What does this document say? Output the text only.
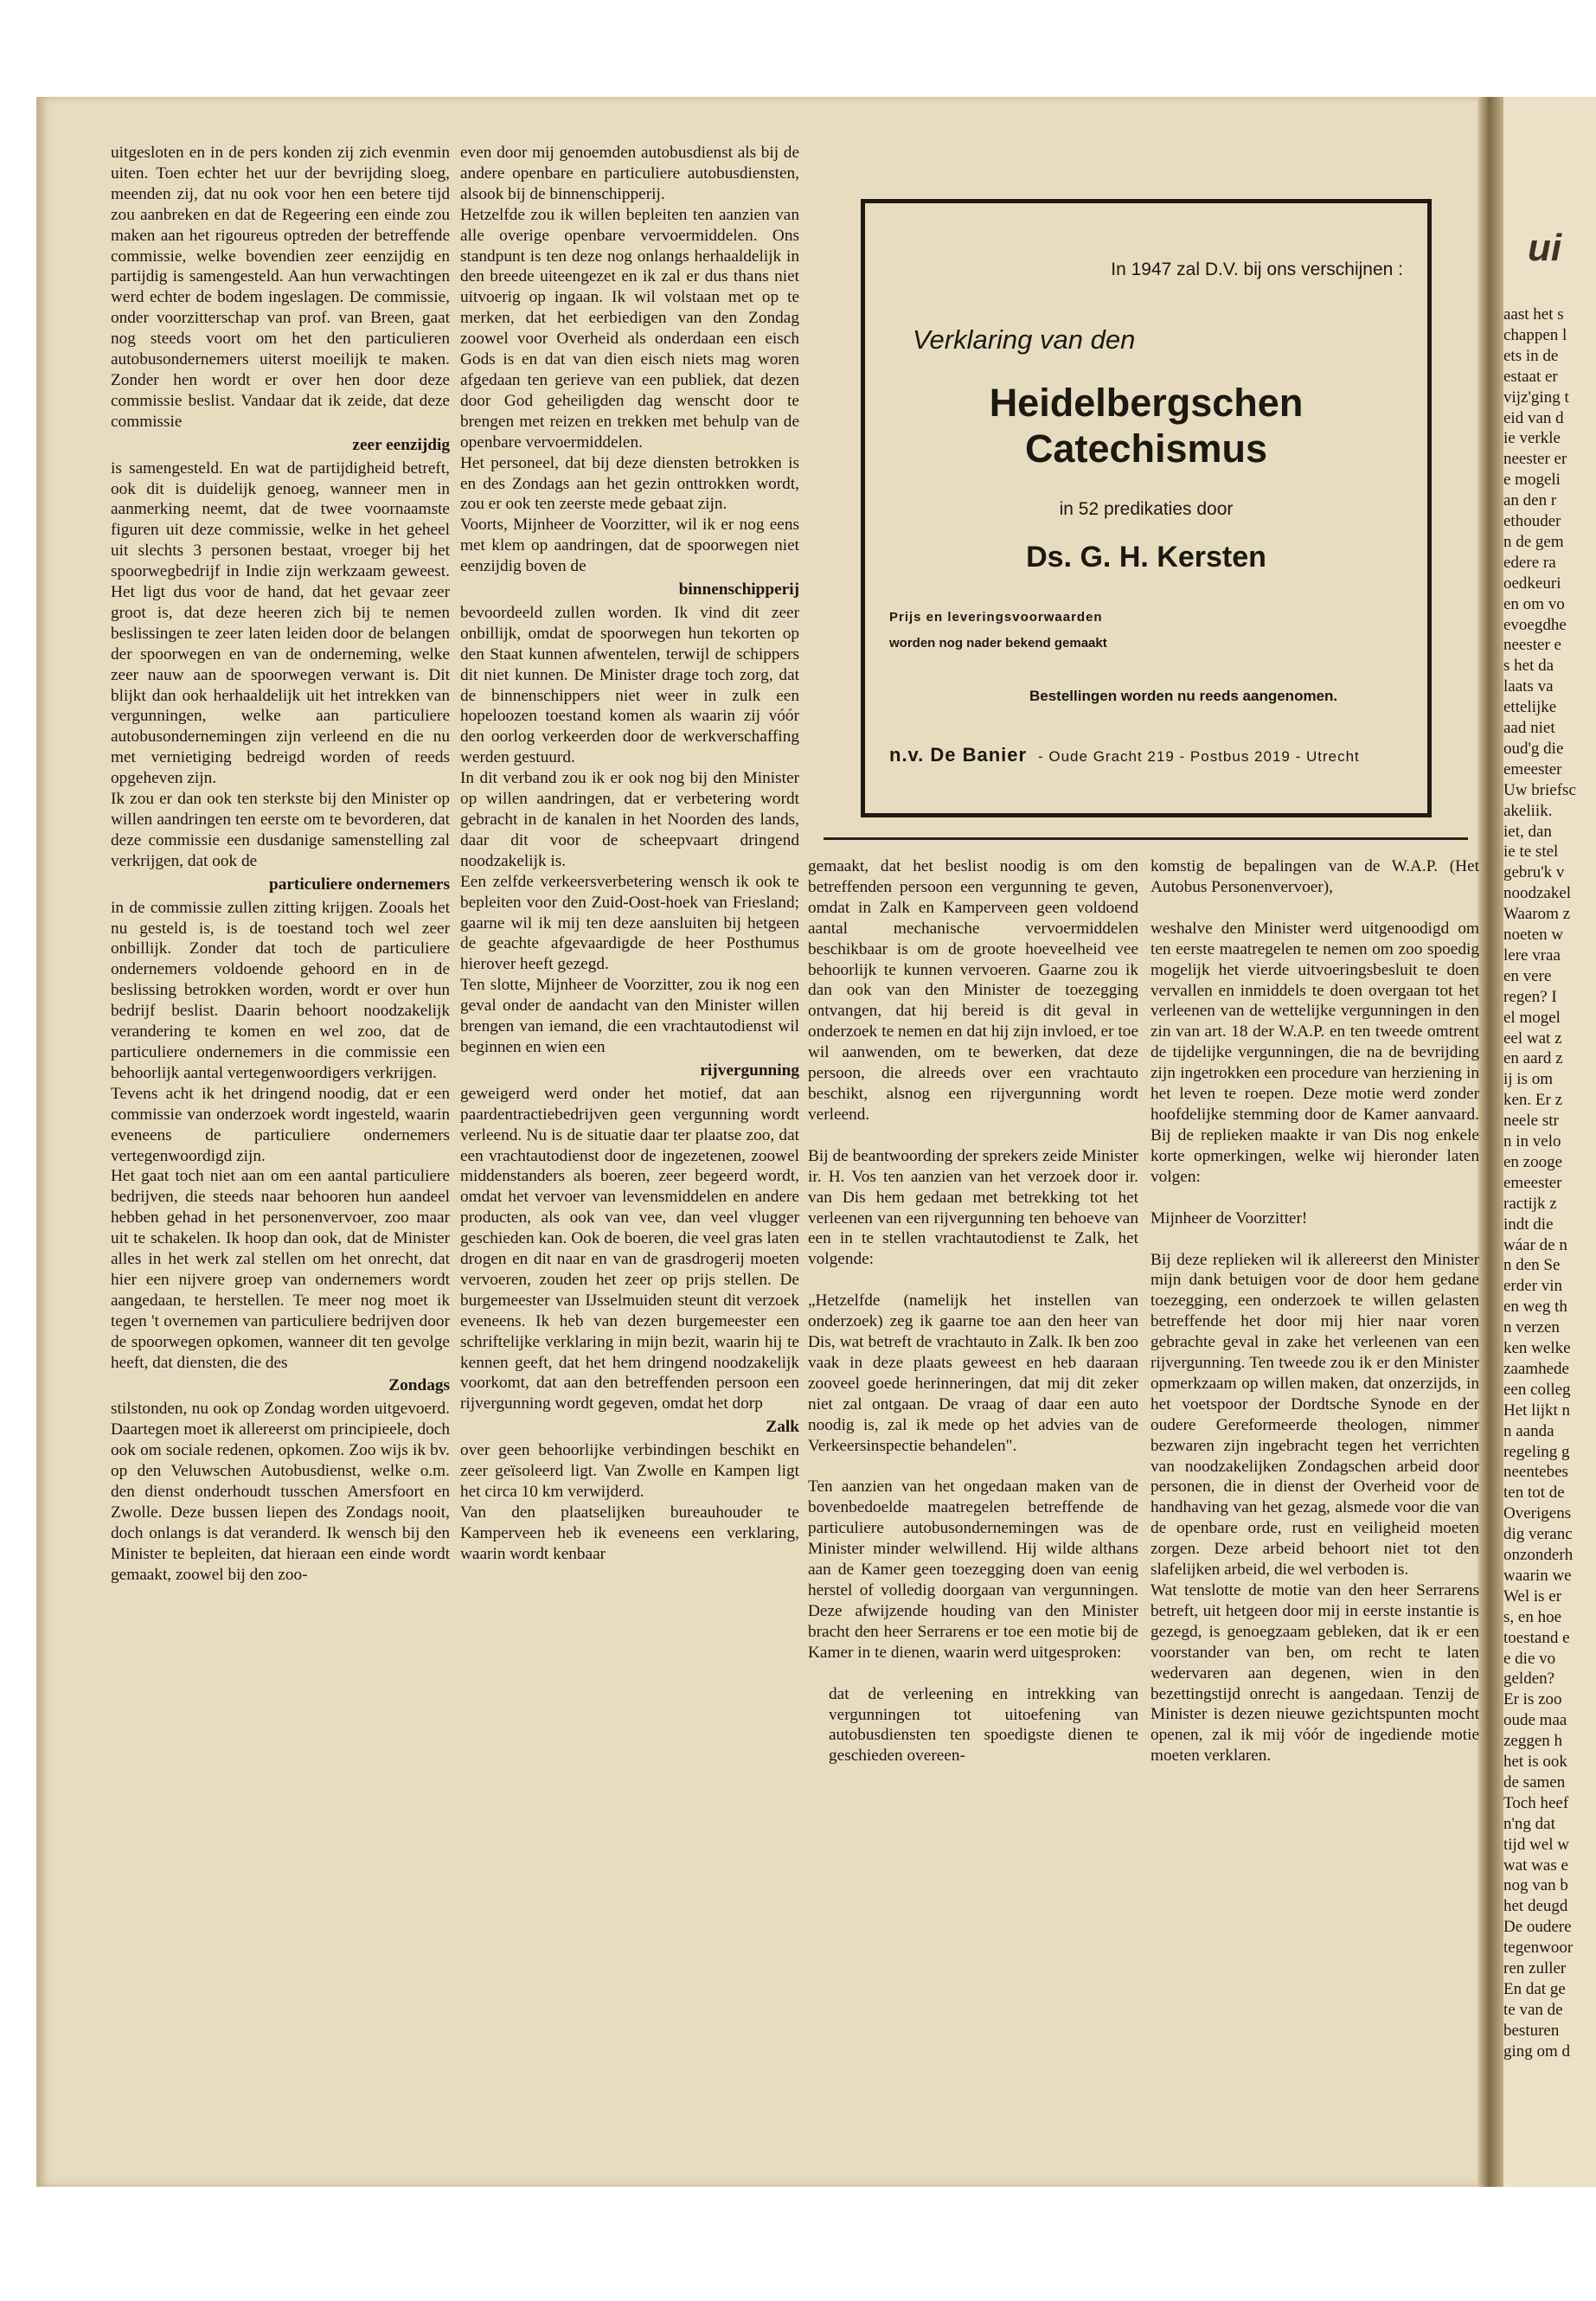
ui
aast het s
chappen l
ets in de
estaat er
vijz'ging t
eid van d
ie verkle
neester er
e mogeli
an den r
ethouder
n de gem
edere ra
oedkeuri
en om vo
evoegdhe
neester e
s het da
laats va
ettelijke
aad niet
oud'g die
emeester
Uw briefsc
akeliik.
iet, dan
ie te stel
gebru'k v
noodzakel
Waarom z
noeten w
lere vraa
en vere
regen? I
el mogel
eel wat z
en aard z
ij is om
ken. Er z
neele str
n in velo
en zooge
emeester
ractijk z
indt die
wáar de n
n den Se
erder vin
en weg th
n verzen
ken welke
zaamhede
een colleg
Het lijkt n
n aanda
regeling g
neentebes
ten tot de
Overigens
dig veranc
onzonderh
waarin we
Wel is er
s, en hoe
toestand e
e die vo
gelden?
Er is zoo
oude maa
zeggen h
het is ook
de samen
Toch heef
n'ng dat
tijd wel w
wat was e
nog van b
het deugd
De oudere
tegenwoor
ren zuller
En dat ge
te van de
besturen
ging om d

uitgesloten en in de pers konden zij zich evenmin uiten. Toen echter het uur der bevrijding sloeg, meenden zij, dat nu ook voor hen een betere tijd zou aanbreken en dat de Regeering een einde zou maken aan het rigoureus optreden der betreffende commissie, welke bovendien zeer eenzijdig en partijdig is samengesteld. Aan hun verwachtingen werd echter de bodem ingeslagen. De commissie, onder voorzitterschap van prof. van Breen, gaat nog steeds voort om het den particulieren autobusondernemers uiterst moeilijk te maken. Zonder hen wordt er over hen door deze commissie beslist. Vandaar dat ik zeide, dat deze commissie

zeer eenzijdig

is samengesteld. En wat de partijdigheid betreft, ook dit is duidelijk genoeg, wanneer men in aanmerking neemt, dat de twee voornaamste figuren uit deze commissie, welke in het geheel uit slechts 3 personen bestaat, vroeger bij het spoorwegbedrijf in Indie zijn werkzaam geweest. Het ligt dus voor de hand, dat het gevaar zeer groot is, dat deze heeren zich bij te nemen beslissingen te zeer laten leiden door de belangen der spoorwegen en van de onderneming, welke zeer nauw aan de spoorwegen verwant is. Dit blijkt dan ook herhaaldelijk uit het intrekken van vergunningen, welke aan particuliere autobusondernemingen zijn verleend en die nu met vernietiging bedreigd worden of reeds opgeheven zijn.

Ik zou er dan ook ten sterkste bij den Minister op willen aandringen ten eerste om te bevorderen, dat deze commissie een dusdanige samenstelling zal verkrijgen, dat ook de

particuliere ondernemers

in de commissie zullen zitting krijgen. Zooals het nu gesteld is, is de toestand toch wel zeer onbillijk. Zonder dat toch de particuliere ondernemers voldoende gehoord en in de beslissing betrokken worden, wordt er over hun bedrijf beslist. Daarin behoort noodzakelijk verandering te komen en wel zoo, dat de particuliere ondernemers in die commissie een behoorlijk aantal vertegenwoordigers verkrijgen.

Tevens acht ik het dringend noodig, dat er een commissie van onderzoek wordt ingesteld, waarin eveneens de particuliere ondernemers vertegenwoordigd zijn.

Het gaat toch niet aan om een aantal particuliere bedrijven, die steeds naar behooren hun aandeel hebben gehad in het personenvervoer, zoo maar uit te schakelen. Ik hoop dan ook, dat de Minister alles in het werk zal stellen om het onrecht, dat hier een nijvere groep van ondernemers wordt aangedaan, te herstellen. Te meer nog moet ik tegen 't overnemen van particuliere bedrijven door de spoorwegen opkomen, wanneer dit ten gevolge heeft, dat diensten, die des

Zondags

stilstonden, nu ook op Zondag worden uitgevoerd. Daartegen moet ik allereerst om principieele, doch ook om sociale redenen, opkomen. Zoo wijs ik bv. op den Veluwschen Autobusdienst, welke o.m. den dienst onderhoudt tusschen Amersfoort en Zwolle. Deze bussen liepen des Zondags nooit, doch onlangs is dat veranderd. Ik wensch bij den Minister te bepleiten, dat hieraan een einde wordt gemaakt, zoowel bij den zoo-

even door mij genoemden autobusdienst als bij de andere openbare en particuliere autobusdiensten, alsook bij de binnenschipperij.

Hetzelfde zou ik willen bepleiten ten aanzien van alle overige openbare vervoermiddelen. Ons standpunt is ten deze nog onlangs herhaaldelijk in den breede uiteengezet en ik zal er dus thans niet uitvoerig op ingaan. Ik wil volstaan met op te merken, dat het eerbiedigen van den Zondag zoowel voor Overheid als onderdaan een eisch Gods is en dat van dien eisch niets mag woren afgedaan ten gerieve van een publiek, dat dezen door God geheiligden dag wenscht door te brengen met reizen en trekken met behulp van de openbare vervoermiddelen.

Het personeel, dat bij deze diensten betrokken is en des Zondags aan het gezin onttrokken wordt, zou er ook ten zeerste mede gebaat zijn.

Voorts, Mijnheer de Voorzitter, wil ik er nog eens met klem op aandringen, dat de spoorwegen niet eenzijdig boven de

binnenschipperij

bevoordeeld zullen worden. Ik vind dit zeer onbillijk, omdat de spoorwegen hun tekorten op den Staat kunnen afwentelen, terwijl de schippers dit niet kunnen. De Minister drage toch zorg, dat de binnenschippers niet weer in zulk een hopeloozen toestand komen als waarin zij vóór den oorlog verkeerden door de werkverschaffing werden gestuurd.

In dit verband zou ik er ook nog bij den Minister op willen aandringen, dat er verbetering wordt gebracht in de kanalen in het Noorden des lands, daar dit voor de scheepvaart dringend noodzakelijk is.

Een zelfde verkeersverbetering wensch ik ook te bepleiten voor den Zuid-Oost-hoek van Friesland; gaarne wil ik mij ten deze aansluiten bij hetgeen de geachte afgevaardigde de heer Posthumus hierover heeft gezegd.

Ten slotte, Mijnheer de Voorzitter, zou ik nog een geval onder de aandacht van den Minister willen brengen van iemand, die een vrachtautodienst wil beginnen en wien een

rijvergunning

geweigerd werd onder het motief, dat aan paardentractiebedrijven geen vergunning wordt verleend. Nu is de situatie daar ter plaatse zoo, dat een vrachtautodienst door de ingezetenen, zoowel middenstanders als boeren, zeer begeerd wordt, omdat het vervoer van levensmiddelen en andere producten, als ook van vee, dan veel vlugger geschieden kan. Ook de boeren, die veel gras laten drogen en dit naar en van de grasdrogerij moeten vervoeren, zouden het zeer op prijs stellen. De burgemeester van IJsselmuiden steunt dit verzoek eveneens. Ik heb van dezen burgemeester een schriftelijke verklaring in mijn bezit, waarin hij te kennen geeft, dat het hem dringend noodzakelijk voorkomt, dat aan den betreffenden persoon een rijvergunning wordt gegeven, omdat het dorp

Zalk

over geen behoorlijke verbindingen beschikt en zeer geïsoleerd ligt. Van Zwolle en Kampen ligt het circa 10 km verwijderd.

Van den plaatselijken bureauhouder te Kamperveen heb ik eveneens een verklaring, waarin wordt kenbaar

In 1947 zal D.V. bij ons verschijnen :
Verklaring van den
Heidelbergschen
Catechismus
in 52 predikaties door
Ds. G. H. Kersten
Prijs en leveringsvoorwaarden
worden nog nader bekend gemaakt
Bestellingen worden nu reeds aangenomen.
n.v. De Banier - Oude Gracht 219 - Postbus 2019 - Utrecht

gemaakt, dat het beslist noodig is om den betreffenden persoon een vergunning te geven, omdat in Zalk en Kamperveen geen voldoend aantal mechanische vervoermiddelen beschikbaar is om de groote hoeveelheid vee behoorlijk te kunnen vervoeren. Gaarne zou ik dan ook van den Minister de toezegging ontvangen, dat hij bereid is dit geval in onderzoek te nemen en dat hij zijn invloed, er toe wil aanwenden, om te bewerken, dat deze persoon, die alreeds over een vrachtauto beschikt, alsnog een rijvergunning wordt verleend.

Bij de beantwoording der sprekers zeide Minister ir. H. Vos ten aanzien van het verzoek door ir. van Dis hem gedaan met betrekking tot het verleenen van een rijvergunning ten behoeve van een in te stellen vrachtautodienst te Zalk, het volgende:

„Hetzelfde (namelijk het instellen van onderzoek) zeg ik gaarne toe aan den heer van Dis, wat betreft de vrachtauto in Zalk. Ik ben zoo vaak in deze plaats geweest en heb daaraan zooveel goede herinneringen, dat mij dit zeker niet zal ontgaan. De vraag of daar een auto noodig is, zal ik mede op het advies van de Verkeersinspectie behandelen".

Ten aanzien van het ongedaan maken van de bovenbedoelde maatregelen betreffende de particuliere autobusondernemingen was de Minister minder welwillend. Hij wilde althans aan de Kamer geen toezegging doen van eenig herstel of volledig doorgaan van vergunningen. Deze afwijzende houding van den Minister bracht den heer Serrarens er toe een motie bij de Kamer in te dienen, waarin werd uitgesproken:

dat de verleening en intrekking van vergunningen tot uitoefening van autobusdiensten ten spoedigste dienen te geschieden overeen-

komstig de bepalingen van de W.A.P. (Het Autobus Personenvervoer),

weshalve den Minister werd uitgenoodigd om ten eerste maatregelen te nemen om zoo spoedig mogelijk het vierde uitvoeringsbesluit te doen vervallen en inmiddels te doen overgaan tot het verleenen van de wettelijke vergunningen in den zin van art. 18 der W.A.P. en ten tweede omtrent de tijdelijke vergunningen, die na de bevrijding zijn ingetrokken een procedure van herziening in het leven te roepen. Deze motie werd zonder hoofdelijke stemming door de Kamer aanvaard. Bij de replieken maakte ir van Dis nog enkele korte opmerkingen, welke wij hieronder laten volgen:

Mijnheer de Voorzitter!

Bij deze replieken wil ik allereerst den Minister mijn dank betuigen voor de door hem gedane toezegging, een onderzoek te willen gelasten betreffende het door mij hier naar voren gebrachte geval in zake het verleenen van een rijvergunning. Ten tweede zou ik er den Minister opmerkzaam op willen maken, dat onzerzijds, in het voetspoor der Dordtsche Synode en der oudere Gereformeerde theologen, nimmer bezwaren zijn ingebracht tegen het verrichten van noodzakelijken Zondagschen arbeid door personen, die in dienst der Overheid voor de handhaving van het gezag, alsmede voor die van de openbare orde, rust en veiligheid moeten zorgen. Deze arbeid behoort niet tot den slafelijken arbeid, die wel verboden is.

Wat tenslotte de motie van den heer Serrarens betreft, uit hetgeen door mij in eerste instantie is gezegd, is genoegzaam gebleken, dat ik er een voorstander van ben, om recht te laten wedervaren aan degenen, wien in den bezettingstijd onrecht is aangedaan. Tenzij de Minister is dezen nieuwe gezichtspunten mocht openen, zal ik mij vóór de ingediende motie moeten verklaren.
